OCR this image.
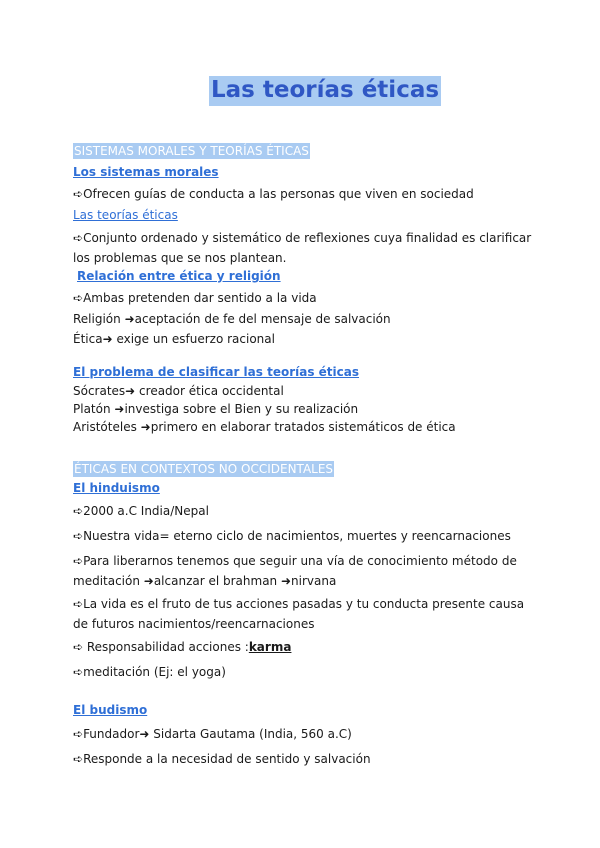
Las teorías éticas
SISTEMAS MORALES Y TEORÍAS ÉTICAS
Los sistemas morales
➪Ofrecen guías de conducta a las personas que viven en sociedad
Las teorías éticas
➪Conjunto ordenado y sistemático de reflexiones cuya finalidad es clarificar
los problemas que se nos plantean.
Relación entre ética y religión
➪Ambas pretenden dar sentido a la vida
Religión ➜aceptación de fe del mensaje de salvación
Ética➜ exige un esfuerzo racional
El problema de clasificar las teorías éticas
Sócrates➜ creador ética occidental
Platón ➜investiga sobre el Bien y su realización
Aristóteles ➜primero en elaborar tratados sistemáticos de ética
ÉTICAS EN CONTEXTOS NO OCCIDENTALES
El hinduismo
➪2000 a.C India/Nepal
➪Nuestra vida= eterno ciclo de nacimientos, muertes y reencarnaciones
➪Para liberarnos tenemos que seguir una vía de conocimiento método de
meditación ➜alcanzar el brahman ➜nirvana
➪La vida es el fruto de tus acciones pasadas y tu conducta presente causa
de futuros nacimientos/reencarnaciones
➪ Responsabilidad acciones :karma
➪meditación (Ej: el yoga)
El budismo
➪Fundador➜ Sidarta Gautama (India, 560 a.C)
➪Responde a la necesidad de sentido y salvación
